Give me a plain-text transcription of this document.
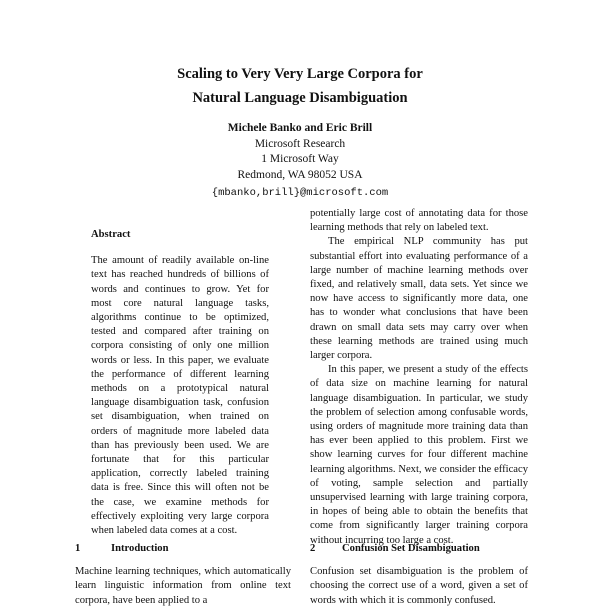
Scaling to Very Very Large Corpora for
Natural Language Disambiguation
Michele Banko and Eric Brill
Microsoft Research
1 Microsoft Way
Redmond, WA 98052 USA
{mbanko,brill}@microsoft.com

Abstract

The amount of readily available on-line text has reached hundreds of billions of words and continues to grow. Yet for most core natural language tasks, algorithms continue to be optimized, tested and compared after training on corpora consisting of only one million words or less. In this paper, we evaluate the performance of different learning methods on a prototypical natural language disambiguation task, confusion set disambiguation, when trained on orders of magnitude more labeled data than has previously been used. We are fortunate that for this particular application, correctly labeled training data is free. Since this will often not be the case, we examine methods for effectively exploiting very large corpora when labeled data comes at a cost.

potentially large cost of annotating data for those learning methods that rely on labeled text.

The empirical NLP community has put substantial effort into evaluating performance of a large number of machine learning methods over fixed, and relatively small, data sets. Yet since we now have access to significantly more data, one has to wonder what conclusions that have been drawn on small data sets may carry over when these learning methods are trained using much larger corpora.

In this paper, we present a study of the effects of data size on machine learning for natural language disambiguation. In particular, we study the problem of selection among confusable words, using orders of magnitude more training data than has ever been applied to this problem. First we show learning curves for four different machine learning algorithms. Next, we consider the efficacy of voting, sample selection and partially unsupervised learning with large training corpora, in hopes of being able to obtain the benefits that come from significantly larger training corpora without incurring too large a cost.

1	Introduction

Machine learning techniques, which automatically learn linguistic information from online text corpora, have been applied to a

2	Confusion Set Disambiguation

Confusion set disambiguation is the problem of choosing the correct use of a word, given a set of words with which it is commonly confused.
